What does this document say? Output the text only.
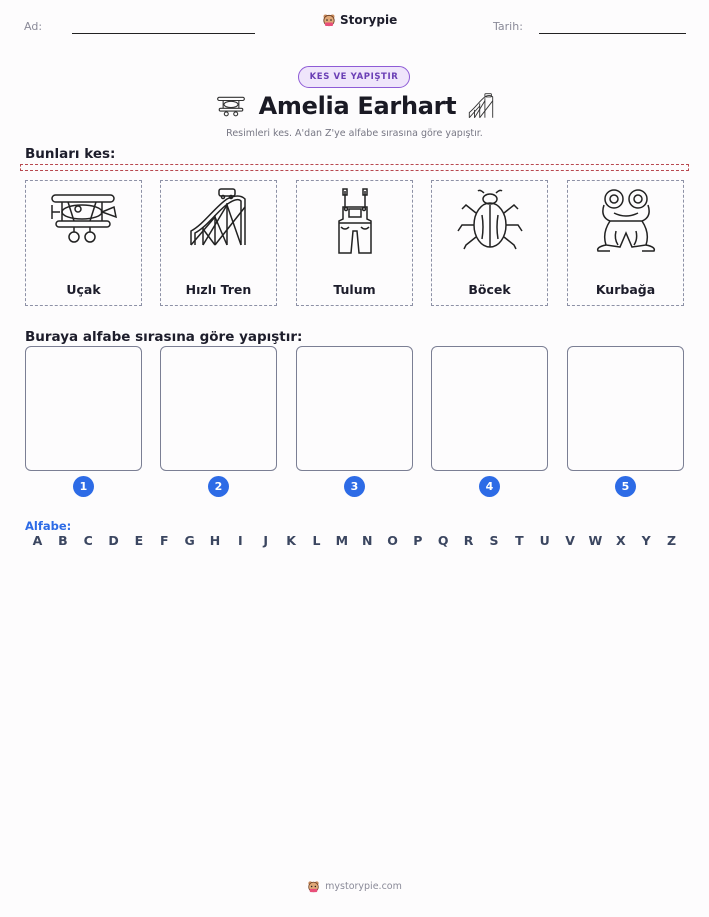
Ad:	Storypie	Tarih:
KES VE YAPIŞTIR
Amelia Earhart
Resimleri kes. A'dan Z'ye alfabe sırasına göre yapıştır.
Bunları kes:
Uçak	Hızlı Tren	Tulum	Böcek	Kurbağa
Buraya alfabe sırasına göre yapıştır:
1	2	3	4	5
Alfabe:
A	B	C	D	E	F	G	H	I	J	K	L	M	N	O	P	Q	R	S	T	U	V	W	X	Y	Z
mystorypie.com
